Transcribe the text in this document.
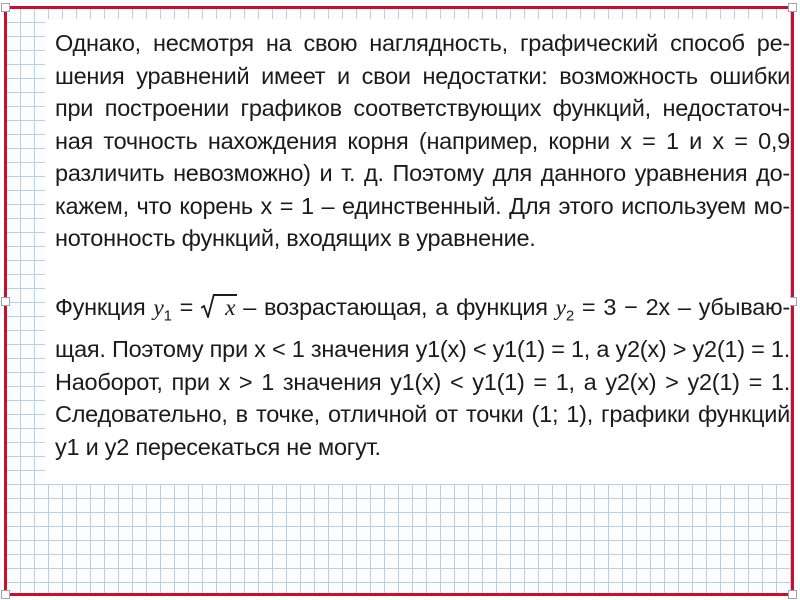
Однако, несмотря на свою наглядность, графический способ ре-
шения уравнений имеет и свои недостатки: возможность ошибки
при построении графиков соответствующих функций, недостаточ-
ная точность нахождения корня (например, корни x = 1 и x = 0,9
различить невозможно) и т. д. Поэтому для данного уравнения до-
кажем, что корень x = 1 – единственный. Для этого используем мо-
нотонность функций, входящих в уравнение.
Функция $y_1$ =
x – возрастающая, а функция $y_2 = 3 - 2x$ – убываю-
щая. Поэтому при x < 1 значения y1(x) < y1(1) = 1, а y2(x) > y2(1) = 1.
Наоборот, при x > 1 значения y1(x) < y1(1) = 1, а y2(x) > y2(1) = 1.
Следовательно, в точке, отличной от точки (1; 1), графики функций
y1 и y2 пересекаться не могут.
